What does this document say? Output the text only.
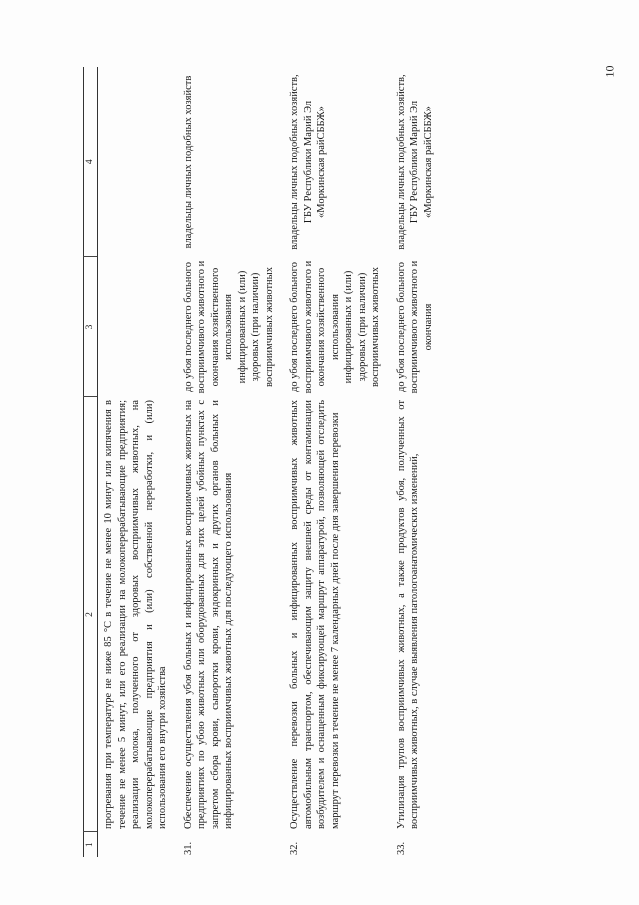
10
1	2	3	4
	прогревания при температуре не ниже 85 °С в течение не менее 10 минут или кипячения в течение не менее 5 минут, или его реализации на молокоперерабатывающие предприятия; реализации молока, полученного от здоровых восприимчивых животных, на молокоперерабатывающие предприятия и (или) собственной переработки, и (или) использования его внутри хозяйства		

31.	Обеспечение осуществления убоя больных и инфицированных восприимчивых животных на предприятиях по убою животных или оборудованных для этих целей убойных пунктах с запретом сбора крови, сыворотки крови, эндокринных и других органов больных и инфицированных восприимчивых животных для последующего использования	до убоя последнего больного восприимчивого животного и окончания хозяйственного использования инфицированных и (или) здоровых (при наличии) восприимчивых животных	владельцы личных подобных хозяйств

32.	Осуществление перевозки больных и инфицированных восприимчивых животных автомобильным транспортом, обеспечивающим защиту внешней среды от контаминации возбудителем и оснащенным фиксирующей маршрут аппаратурой, позволяющей отследить маршрут перевозки в течение не менее 7 календарных дней после дня завершения перевозки	до убоя последнего больного восприимчивого животного и окончания хозяйственного использования инфицированных и (или) здоровых (при наличии) восприимчивых животных	владельцы личных подобных хозяйств, ГБУ Республики Марий Эл «Моркинская райСББЖ»

33.	Утилизация трупов восприимчивых животных, а также продуктов убоя, полученных от восприимчивых животных, в случае выявления патологоанатомических изменений,	до убоя последнего больного восприимчивого животного и окончания	владельцы личных подобных хозяйств, ГБУ Республики Марий Эл «Моркинская райСББЖ»
